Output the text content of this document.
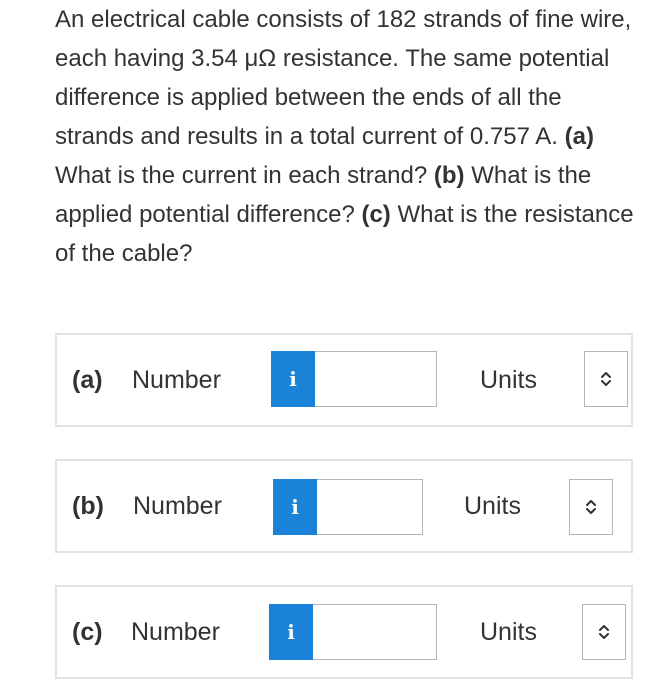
An electrical cable consists of 182 strands of fine wire, each having 3.54 μΩ resistance. The same potential difference is applied between the ends of all the strands and results in a total current of 0.757 A. (a) What is the current in each strand? (b) What is the applied potential difference? (c) What is the resistance of the cable?
(a) Number	i	Units
(b) Number	i	Units
(c) Number	i	Units
